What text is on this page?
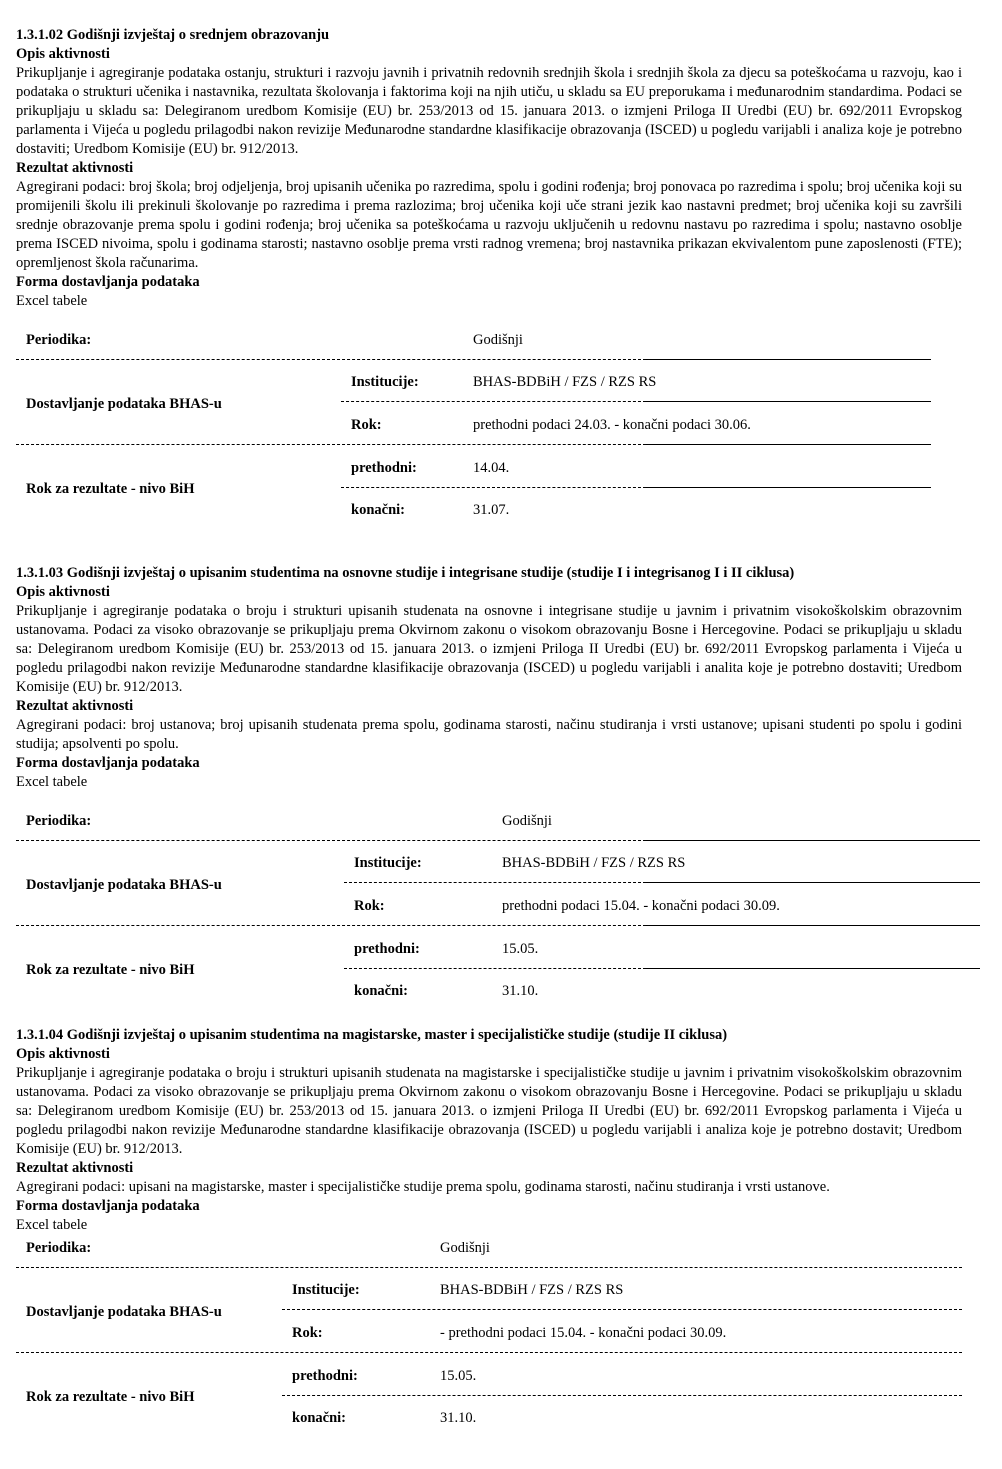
1.3.1.02 Godišnji izvještaj o srednjem obrazovanju
Opis aktivnosti
Prikupljanje i agregiranje podataka ostanju, strukturi i razvoju javnih i privatnih redovnih srednjih škola i srednjih škola za djecu sa poteškoćama u razvoju, kao i podataka o strukturi učenika i nastavnika, rezultata školovanja i faktorima koji na njih utiču, u skladu sa EU preporukama i međunarodnim standardima. Podaci se prikupljaju u skladu sa: Delegiranom uredbom Komisije (EU) br. 253/2013 od 15. januara 2013. o izmjeni Priloga II Uredbi (EU) br. 692/2011 Evropskog parlamenta i Vijeća u pogledu prilagodbi nakon revizije Međunarodne standardne klasifikacije obrazovanja (ISCED) u pogledu varijabli i analiza koje je potrebno dostaviti; Uredbom Komisije (EU) br. 912/2013.
Rezultat aktivnosti
Agregirani podaci: broj škola; broj odjeljenja, broj upisanih učenika po razredima, spolu i godini rođenja; broj ponovaca po razredima i spolu; broj učenika koji su promijenili školu ili prekinuli školovanje po razredima i prema razlozima; broj učenika koji uče strani jezik kao nastavni predmet; broj učenika koji su završili srednje obrazovanje prema spolu i godini rođenja; broj učenika sa poteškoćama u razvoju uključenih u redovnu nastavu po razredima i spolu; nastavno osoblje prema ISCED nivoima, spolu i godinama starosti; nastavno osoblje prema vrsti radnog vremena; broj nastavnika prikazan ekvivalentom pune zaposlenosti (FTE); opremljenost škola računarima.
Forma dostavljanja podataka
Excel tabele
Periodika:	Godišnji
Dostavljanje podataka BHAS-u
Institucije:	BHAS-BDBiH / FZS / RZS RS
Rok:	prethodni podaci 24.03. - konačni podaci 30.06.
Rok za rezultate - nivo BiH
prethodni:	14.04.
konačni:	31.07.
1.3.1.03 Godišnji izvještaj o upisanim studentima na osnovne studije i integrisane studije (studije I i integrisanog I i II ciklusa)
Opis aktivnosti
Prikupljanje i agregiranje podataka o broju i strukturi upisanih studenata na osnovne i integrisane studije u javnim i privatnim visokoškolskim obrazovnim ustanovama. Podaci za visoko obrazovanje se prikupljaju prema Okvirnom zakonu o visokom obrazovanju Bosne i Hercegovine. Podaci se prikupljaju u skladu sa: Delegiranom uredbom Komisije (EU) br. 253/2013 od 15. januara 2013. o izmjeni Priloga II Uredbi (EU) br. 692/2011 Evropskog parlamenta i Vijeća u pogledu prilagodbi nakon revizije Međunarodne standardne klasifikacije obrazovanja (ISCED) u pogledu varijabli i analita koje je potrebno dostaviti; Uredbom Komisije (EU) br. 912/2013.
Rezultat aktivnosti
Agregirani podaci: broj ustanova; broj upisanih studenata prema spolu, godinama starosti, načinu studiranja i vrsti ustanove; upisani studenti po spolu i godini studija; apsolventi po spolu.
Forma dostavljanja podataka
Excel tabele
Periodika:	Godišnji
Dostavljanje podataka BHAS-u
Institucije:	BHAS-BDBiH / FZS / RZS RS
Rok:	prethodni podaci 15.04. - konačni podaci 30.09.
Rok za rezultate - nivo BiH
prethodni:	15.05.
konačni:	31.10.
1.3.1.04 Godišnji izvještaj o upisanim studentima na magistarske, master i specijalističke studije (studije II ciklusa)
Opis aktivnosti
Prikupljanje i agregiranje podataka o broju i strukturi upisanih studenata na magistarske i specijalističke studije u javnim i privatnim visokoškolskim obrazovnim ustanovama. Podaci za visoko obrazovanje se prikupljaju prema Okvirnom zakonu o visokom obrazovanju Bosne i Hercegovine. Podaci se prikupljaju u skladu sa: Delegiranom uredbom Komisije (EU) br. 253/2013 od 15. januara 2013. o izmjeni Priloga II Uredbi (EU) br. 692/2011 Evropskog parlamenta i Vijeća u pogledu prilagodbi nakon revizije Međunarodne standardne klasifikacije obrazovanja (ISCED) u pogledu varijabli i analiza koje je potrebno dostavit; Uredbom Komisije (EU) br. 912/2013.
Rezultat aktivnosti
Agregirani podaci: upisani na magistarske, master i specijalističke studije prema spolu, godinama starosti, načinu studiranja i vrsti ustanove.
Forma dostavljanja podataka
Excel tabele
Periodika:	Godišnji
Dostavljanje podataka BHAS-u
Institucije:	BHAS-BDBiH / FZS / RZS RS
Rok:	- prethodni podaci 15.04. - konačni podaci 30.09.
Rok za rezultate - nivo BiH
prethodni:	15.05.
konačni:	31.10.
